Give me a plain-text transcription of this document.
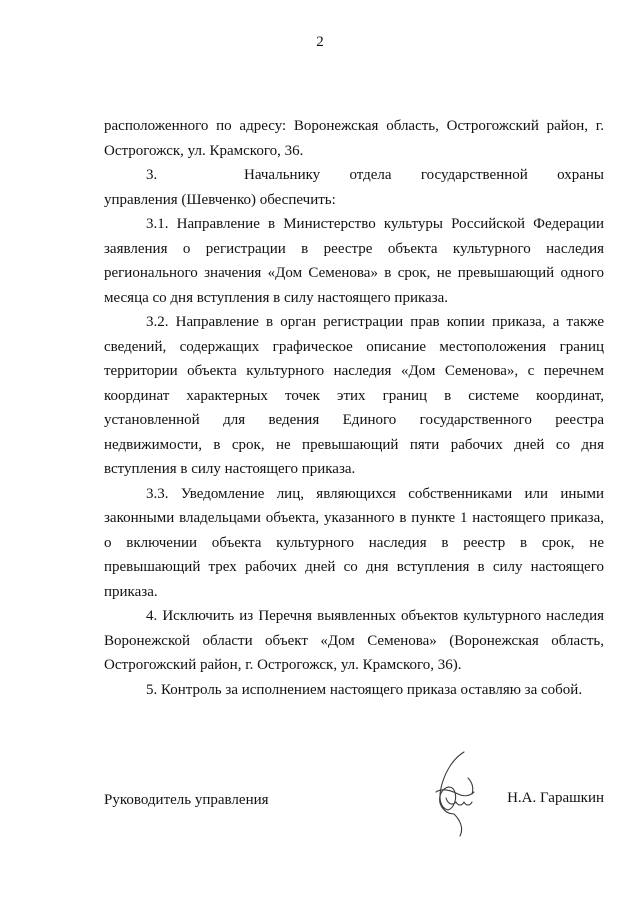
2

расположенного по адресу: Воронежская область, Острогожский район, г. Острогожск, ул. Крамского, 36.

3.	Начальнику отдела государственной охраны управления (Шевченко) обеспечить:

3.1. Направление в Министерство культуры Российской Федерации заявления о регистрации в реестре объекта культурного наследия регионального значения «Дом Семенова» в срок, не превышающий одного месяца со дня вступления в силу настоящего приказа.

3.2. Направление в орган регистрации прав копии приказа, а также сведений, содержащих графическое описание местоположения границ территории объекта культурного наследия «Дом Семенова», с перечнем координат характерных точек этих границ в системе координат, установленной для ведения Единого государственного реестра недвижимости, в срок, не превышающий пяти рабочих дней со дня вступления в силу настоящего приказа.

3.3. Уведомление лиц, являющихся собственниками или иными законными владельцами объекта, указанного в пункте 1 настоящего приказа, о включении объекта культурного наследия в реестр в срок, не превышающий трех рабочих дней со дня вступления в силу настоящего приказа.

4. Исключить из Перечня выявленных объектов культурного наследия Воронежской области объект «Дом Семенова» (Воронежская область, Острогожский район, г. Острогожск, ул. Крамского, 36).

5. Контроль за исполнением настоящего приказа оставляю за собой.

Руководитель управления	Н.А. Гарашкин
